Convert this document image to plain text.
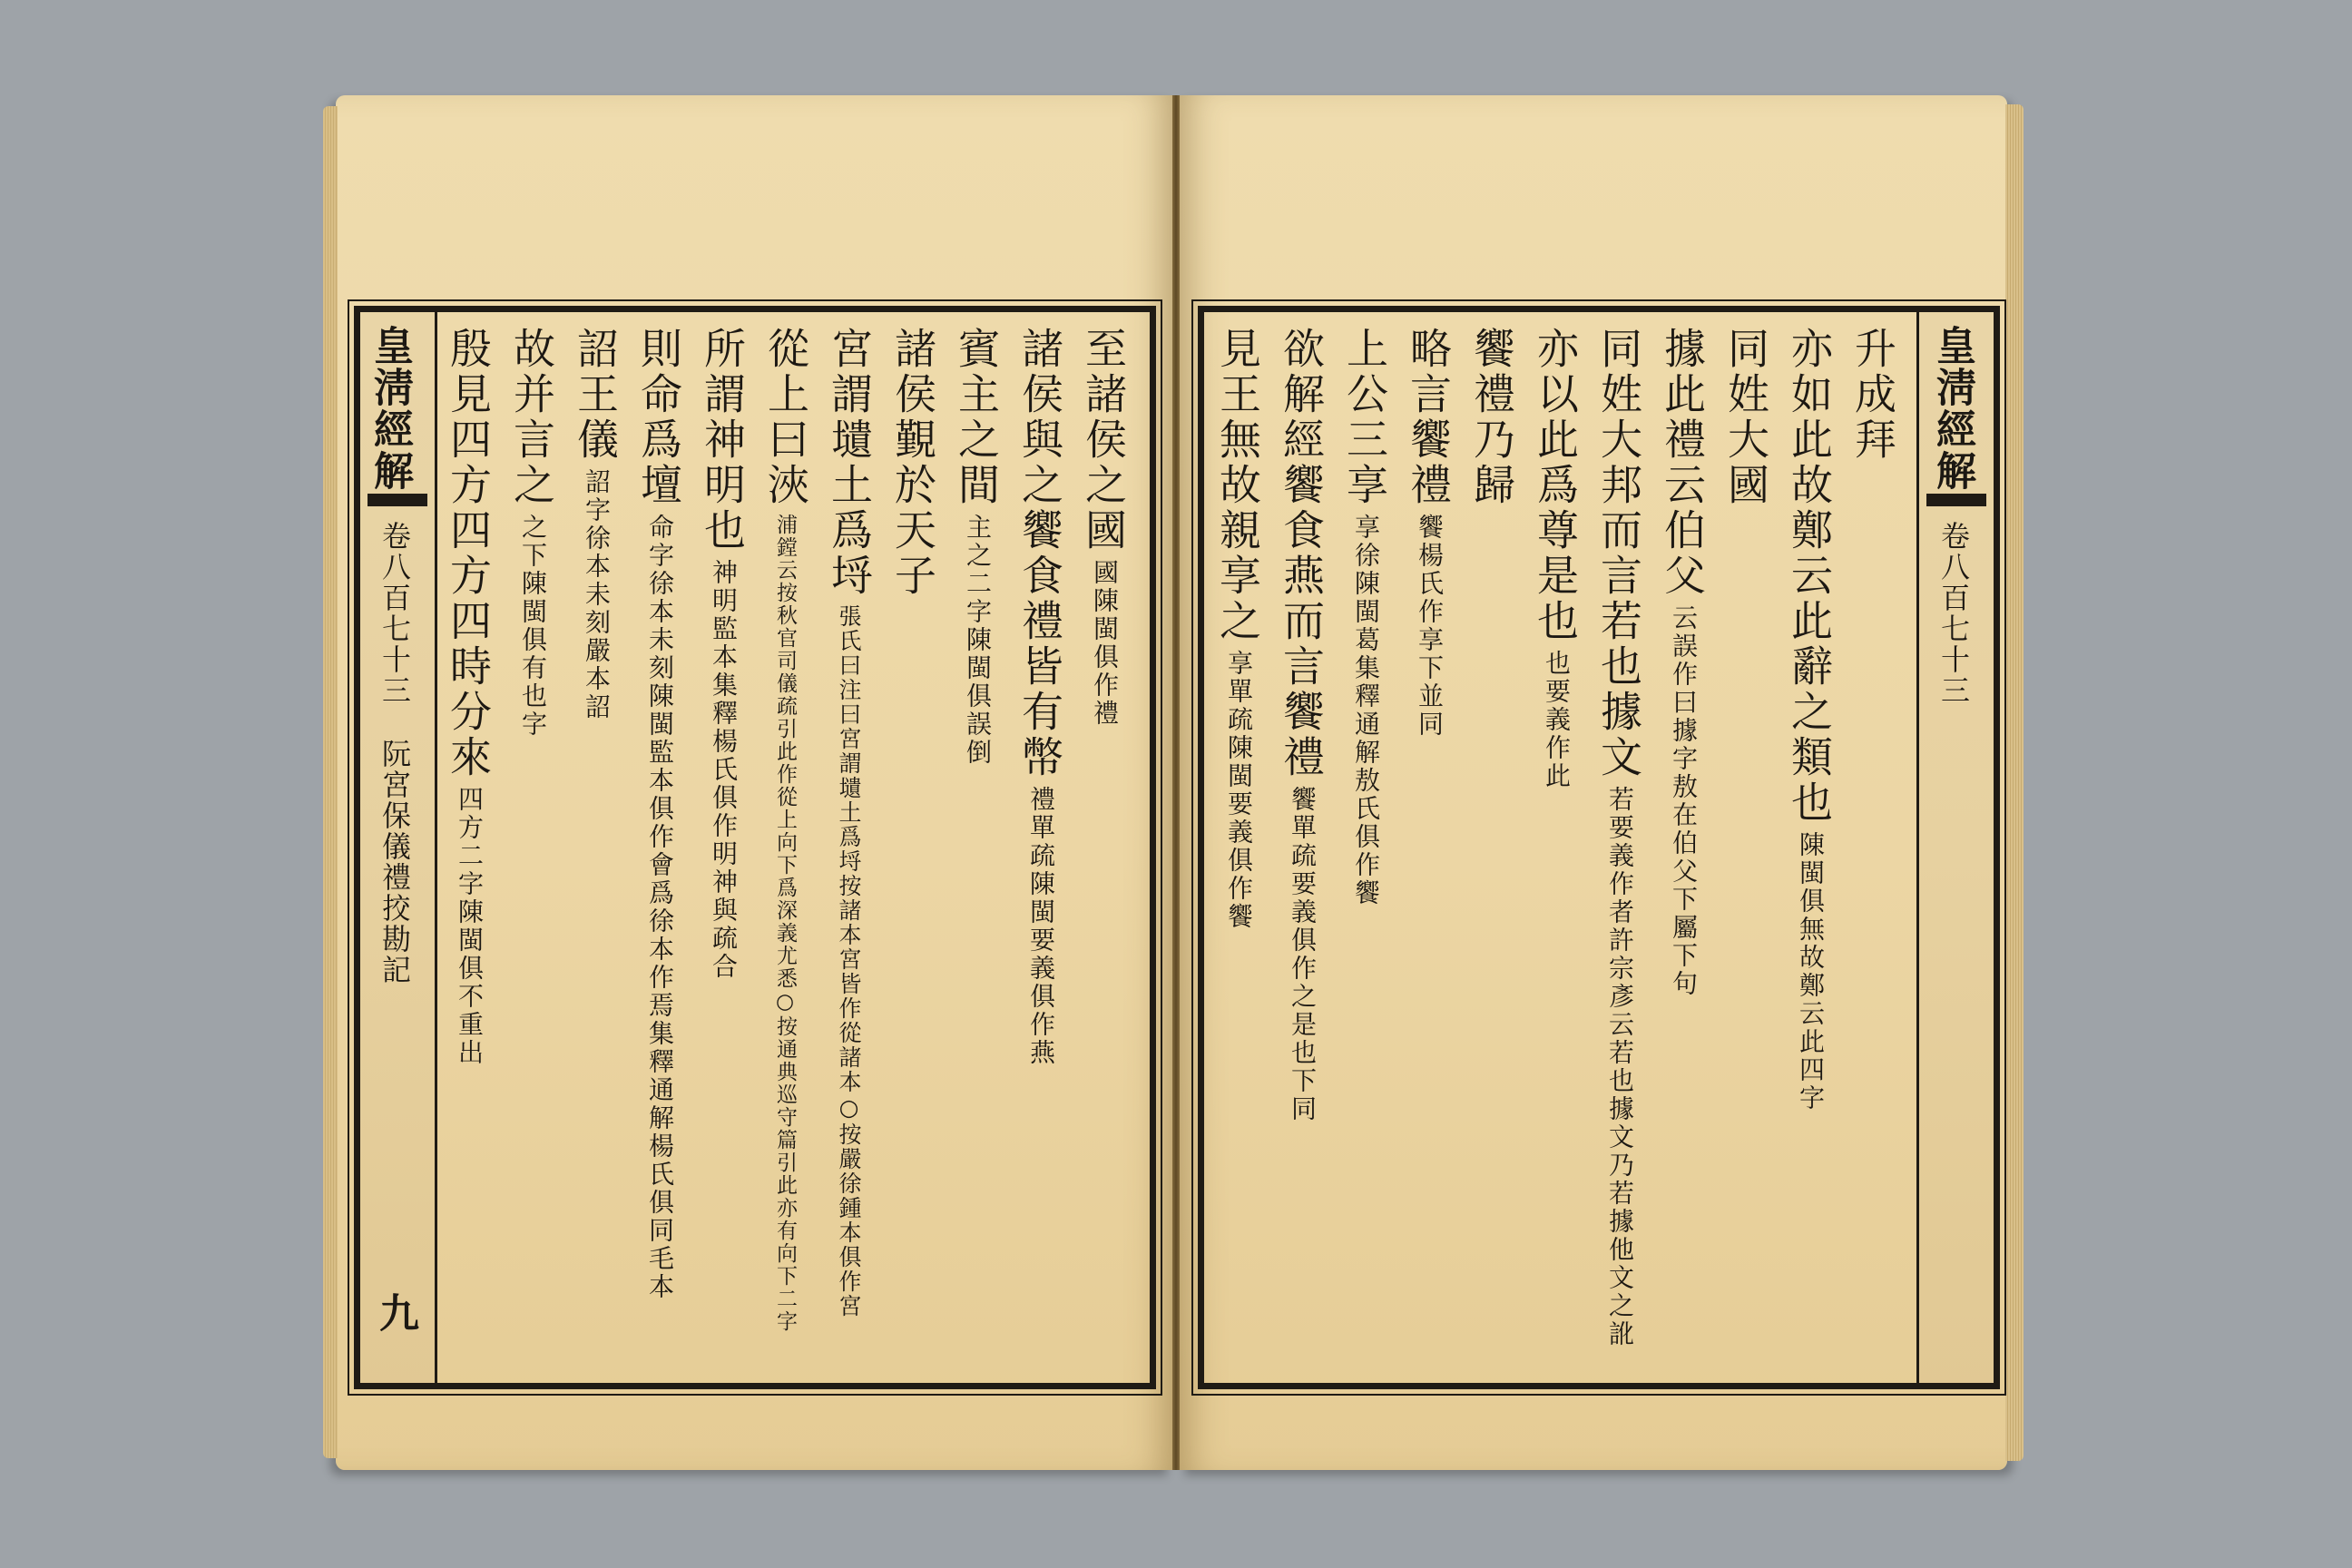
皇淸經解
卷八百七十三
阮宮保儀禮挍勘記
九
至諸侯之國
國陳閩俱作禮
諸侯與之饗食禮皆有幣
禮單疏陳閩要義俱作燕
賓主之間
主之二字陳閩俱誤倒
諸侯覲於天子
宮謂壝土爲埒
張氏曰注曰宮謂壝土爲埒按諸本宮皆作從諸本○按嚴徐鍾本俱作宮
從上曰浹
浦鏜云按秋官司儀疏引此作從上向下爲深義尤悉○按通典巡守篇引此亦有向下二字
所謂神明也
神明監本集釋楊氏俱作明神與疏合
則命爲壇
命字徐本未刻陳閩監本俱作會爲徐本作焉集釋通解楊氏俱同毛本
詔王儀
詔字徐本未刻嚴本詔
故并言之
之下陳閩俱有也字
殷見四方四方四時分來
四方二字陳閩俱不重出
皇淸經解
卷八百七十三
升成拜
亦如此故鄭云此辭之類也
陳閩俱無故鄭云此四字
同姓大國
據此禮云伯父
云誤作曰據字敖在伯父下屬下句
同姓大邦而言若也據文
若要義作者許宗彥云若也據文乃若據他文之訛
亦以此爲尊是也
也要義作此
饗禮乃歸
略言饗禮
饗楊氏作享下並同
上公三享
享徐陳閩葛集釋通解敖氏俱作饗
欲解經饗食燕而言饗禮
饗單疏要義俱作之是也下同
見王無故親享之
享單疏陳閩要義俱作饗
